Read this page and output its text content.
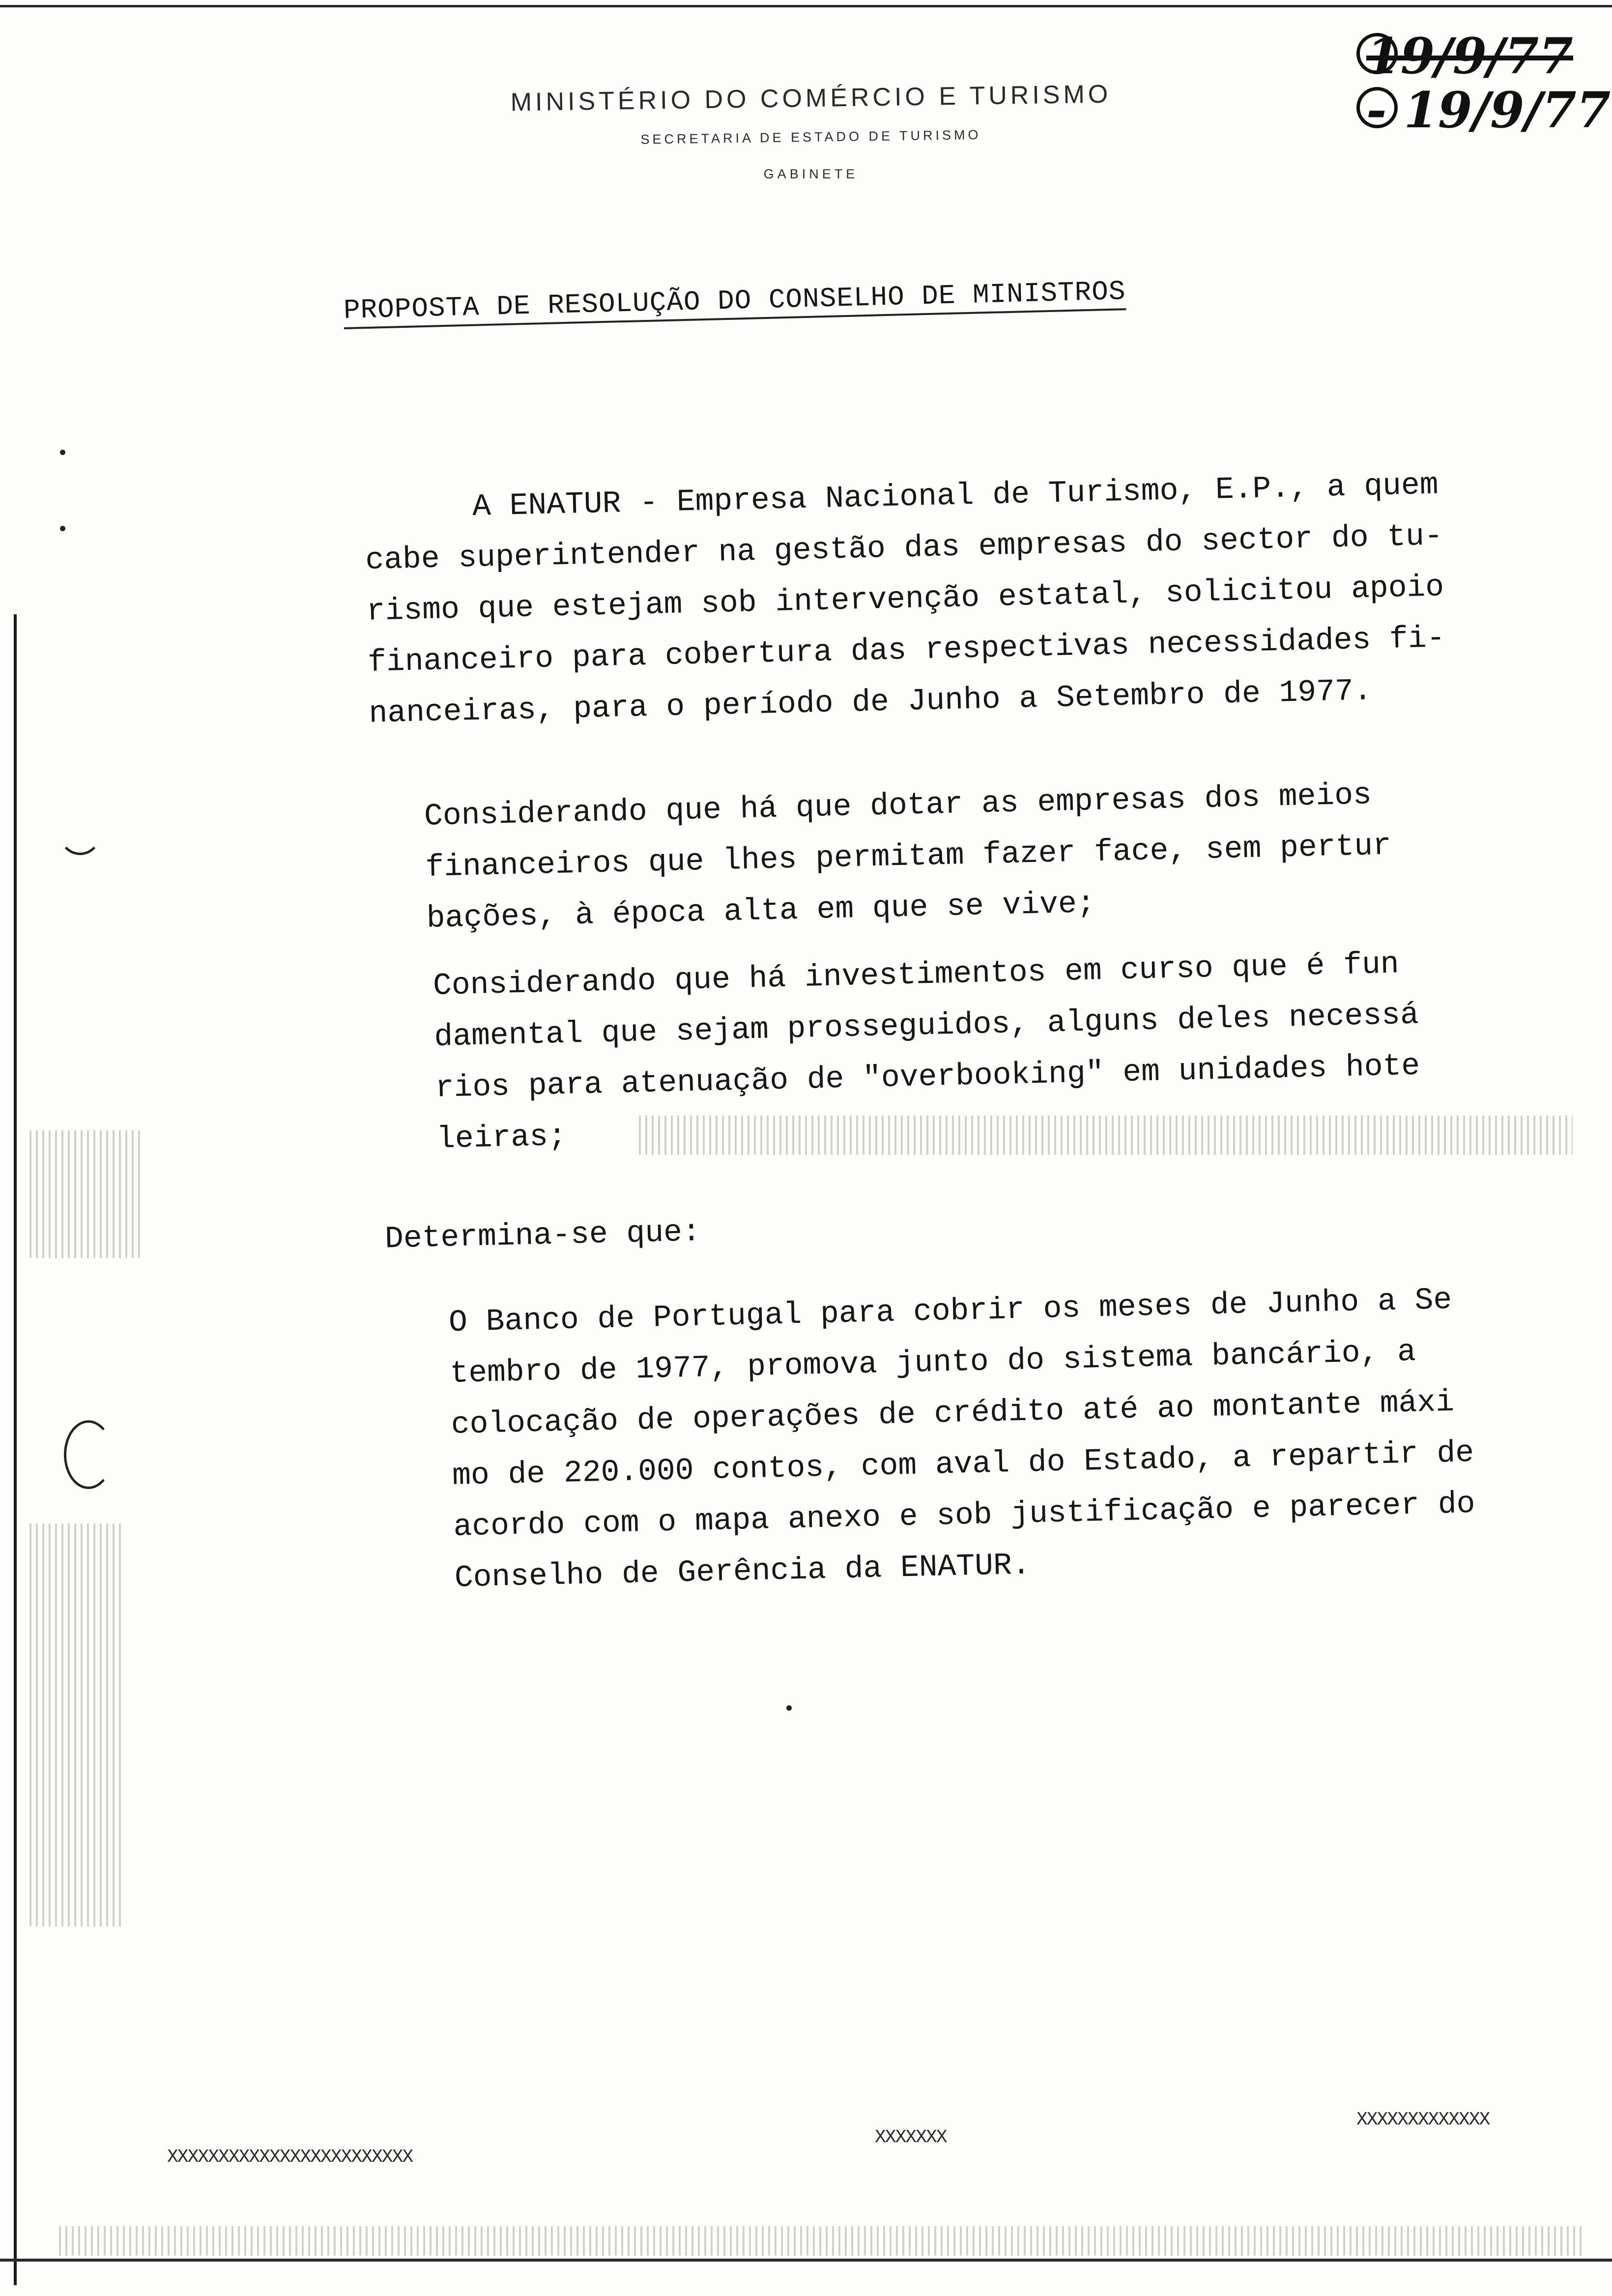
MINISTÉRIO DO COMÉRCIO E TURISMO
SECRETARIA DE ESTADO DE TURISMO
GABINETE
19/9/77
- 19/9/77
PROPOSTA DE RESOLUÇÃO DO CONSELHO DE MINISTROS
A ENATUR - Empresa Nacional de Turismo, E.P., a quem
cabe superintender na gestão das empresas do sector do tu-
rismo que estejam sob intervenção estatal, solicitou apoio
financeiro para cobertura das respectivas necessidades fi-
nanceiras, para o período de Junho a Setembro de 1977.
Considerando que há que dotar as empresas dos meios
financeiros que lhes permitam fazer face, sem pertur
bações, à época alta em que se vive;
Considerando que há investimentos em curso que é fun
damental que sejam prosseguidos, alguns deles necessá
rios para atenuação de "overbooking" em unidades hote
leiras;
Determina-se que:
O Banco de Portugal para cobrir os meses de Junho a Se
tembro de 1977, promova junto do sistema bancário, a
colocação de operações de crédito até ao montante máxi
mo de 220.000 contos, com aval do Estado, a repartir de
acordo com o mapa anexo e sob justificação e parecer do
Conselho de Gerência da ENATUR.
XXXXXXXXXXXXXXXXXXXXXXXX
XXXXXXX
XXXXXXXXXXXXX
